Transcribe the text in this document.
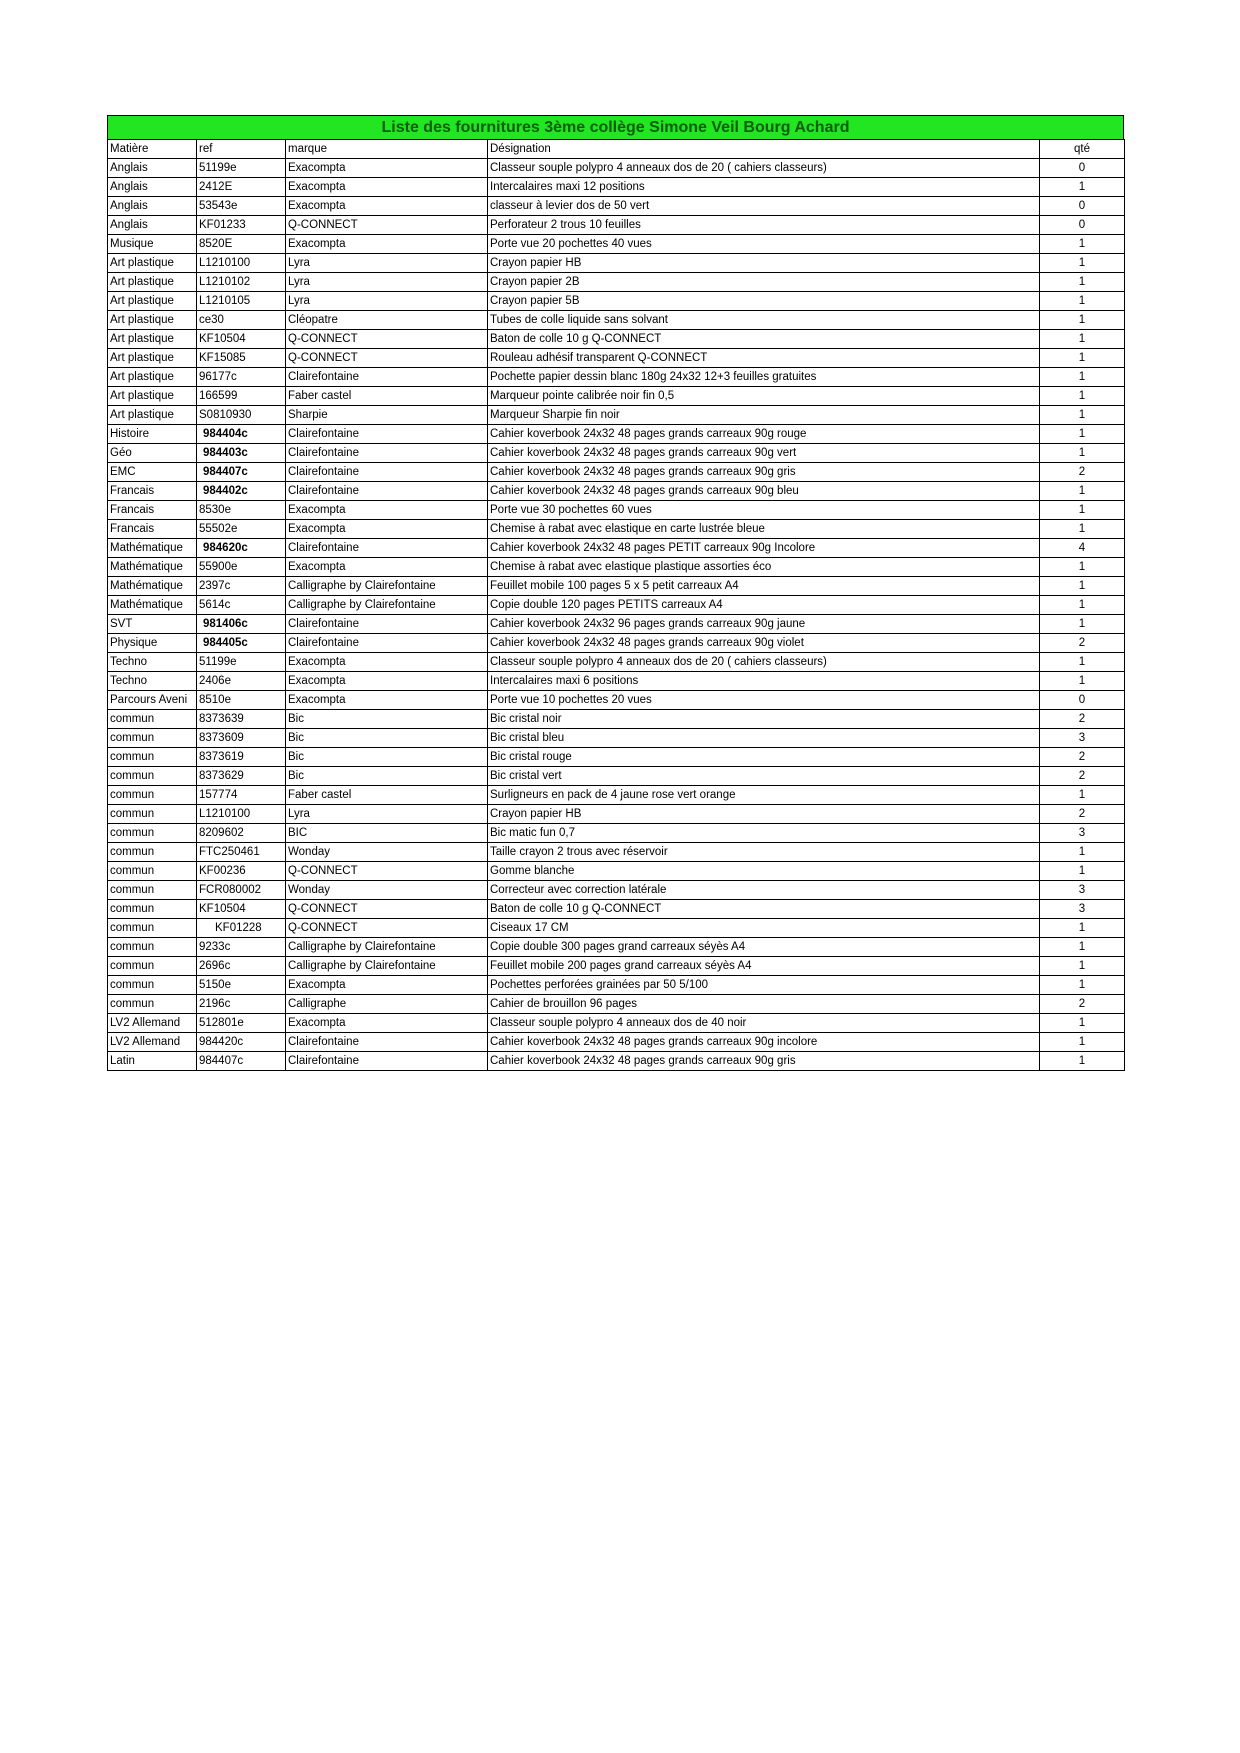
Liste des fournitures 3ème collège Simone Veil Bourg Achard
Matière	ref	marque	Désignation	qté
Anglais	51199e	Exacompta	Classeur souple polypro 4 anneaux dos de 20 ( cahiers classeurs)	0
Anglais	2412E	Exacompta	Intercalaires maxi 12 positions	1
Anglais	53543e	Exacompta	classeur à levier dos de 50 vert	0
Anglais	KF01233	Q-CONNECT	Perforateur 2 trous 10 feuilles	0
Musique	8520E	Exacompta	Porte vue 20 pochettes 40 vues	1
Art plastique	L1210100	Lyra	Crayon papier HB	1
Art plastique	L1210102	Lyra	Crayon papier 2B	1
Art plastique	L1210105	Lyra	Crayon papier 5B	1
Art plastique	ce30	Cléopatre	Tubes de colle liquide sans solvant	1
Art plastique	KF10504	Q-CONNECT	Baton de colle 10 g Q-CONNECT	1
Art plastique	KF15085	Q-CONNECT	Rouleau adhésif transparent Q-CONNECT	1
Art plastique	96177c	Clairefontaine	Pochette papier dessin blanc 180g 24x32 12+3 feuilles gratuites	1
Art plastique	166599	Faber castel	Marqueur pointe calibrée noir fin 0,5	1
Art plastique	S0810930	Sharpie	Marqueur Sharpie fin noir	1
Histoire	984404c	Clairefontaine	Cahier koverbook 24x32 48 pages grands carreaux 90g rouge	1
Géo	984403c	Clairefontaine	Cahier koverbook 24x32 48 pages grands carreaux 90g vert	1
EMC	984407c	Clairefontaine	Cahier koverbook 24x32 48 pages grands carreaux 90g gris	2
Francais	984402c	Clairefontaine	Cahier koverbook 24x32 48 pages grands carreaux 90g bleu	1
Francais	8530e	Exacompta	Porte vue 30 pochettes 60 vues	1
Francais	55502e	Exacompta	Chemise à rabat avec elastique en carte lustrée bleue	1
Mathématique	984620c	Clairefontaine	Cahier koverbook 24x32 48 pages PETIT carreaux 90g Incolore	4
Mathématique	55900e	Exacompta	Chemise à rabat avec elastique plastique assorties éco	1
Mathématique	2397c	Calligraphe by Clairefontaine	Feuillet mobile 100 pages 5 x 5 petit carreaux A4	1
Mathématique	5614c	Calligraphe by Clairefontaine	Copie double 120 pages PETITS carreaux A4	1
SVT	981406c	Clairefontaine	Cahier koverbook 24x32 96 pages grands carreaux 90g jaune	1
Physique	984405c	Clairefontaine	Cahier koverbook 24x32 48 pages grands carreaux 90g violet	2
Techno	51199e	Exacompta	Classeur souple polypro 4 anneaux dos de 20 ( cahiers classeurs)	1
Techno	2406e	Exacompta	Intercalaires maxi 6 positions	1
Parcours Aveni	8510e	Exacompta	Porte vue 10 pochettes 20 vues	0
commun	8373639	Bic	Bic cristal noir	2
commun	8373609	Bic	Bic cristal bleu	3
commun	8373619	Bic	Bic cristal rouge	2
commun	8373629	Bic	Bic cristal vert	2
commun	157774	Faber castel	Surligneurs en pack de 4 jaune rose vert orange	1
commun	L1210100	Lyra	Crayon papier HB	2
commun	8209602	BIC	Bic matic fun 0,7	3
commun	FTC250461	Wonday	Taille crayon 2 trous avec réservoir	1
commun	KF00236	Q-CONNECT	Gomme blanche	1
commun	FCR080002	Wonday	Correcteur avec correction latérale	3
commun	KF10504	Q-CONNECT	Baton de colle 10 g Q-CONNECT	3
commun	KF01228	Q-CONNECT	Ciseaux 17 CM	1
commun	9233c	Calligraphe by Clairefontaine	Copie double 300 pages grand carreaux séyès A4	1
commun	2696c	Calligraphe by Clairefontaine	Feuillet mobile 200 pages grand carreaux séyès A4	1
commun	5150e	Exacompta	Pochettes perforées grainées par 50 5/100	1
commun	2196c	Calligraphe	Cahier de brouillon 96 pages	2
LV2 Allemand	512801e	Exacompta	Classeur souple polypro 4 anneaux dos de 40 noir	1
LV2 Allemand	984420c	Clairefontaine	Cahier koverbook 24x32 48 pages grands carreaux 90g incolore	1
Latin	984407c	Clairefontaine	Cahier koverbook 24x32 48 pages grands carreaux 90g gris	1
